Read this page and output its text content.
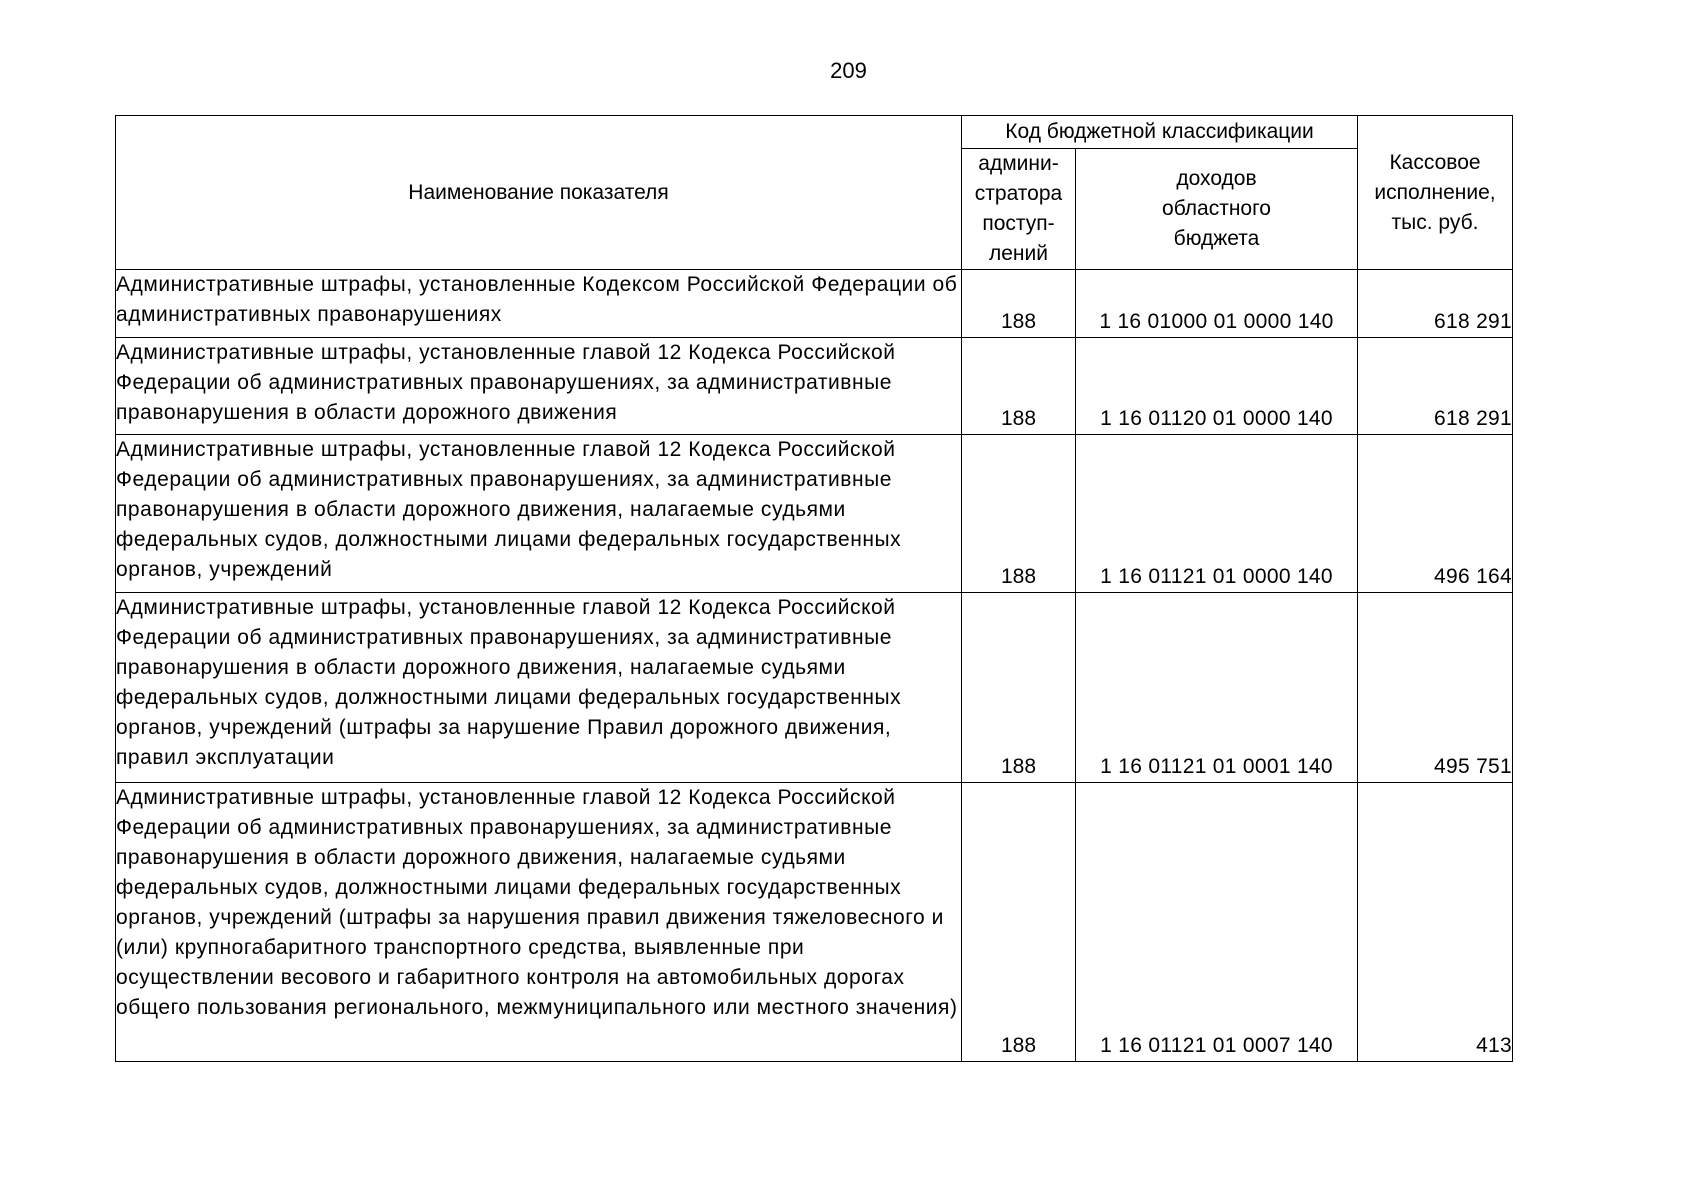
209
Наименование показателя	Код бюджетной классификации		Кассовое
исполнение,
тыс. руб.

	админи-
стратора
поступ-
лений	доходов
областного
бюджета	

Административные штрафы, установленные Кодексом Российской Федерации об административных правонарушениях	188	1 16 01000 01 0000 140	618 291
Административные штрафы, установленные главой 12 Кодекса Российской Федерации об административных правонарушениях, за административные правонарушения в области дорожного движения	188	1 16 01120 01 0000 140	618 291
Административные штрафы, установленные главой 12 Кодекса Российской Федерации об административных правонарушениях, за административные правонарушения в области дорожного движения, налагаемые судьями федеральных судов, должностными лицами федеральных государственных органов, учреждений	188	1 16 01121 01 0000 140	496 164
Административные штрафы, установленные главой 12 Кодекса Российской Федерации об административных правонарушениях, за административные правонарушения в области дорожного движения, налагаемые судьями федеральных судов, должностными лицами федеральных государственных органов, учреждений (штрафы за нарушение Правил дорожного движения, правил эксплуатации	188	1 16 01121 01 0001 140	495 751
Административные штрафы, установленные главой 12 Кодекса Российской Федерации об административных правонарушениях, за административные правонарушения в области дорожного движения, налагаемые судьями федеральных судов, должностными лицами федеральных государственных органов, учреждений (штрафы за нарушения правил движения тяжеловесного и (или) крупногабаритного транспортного средства, выявленные при осуществлении весового и габаритного контроля на автомобильных дорогах общего пользования регионального, межмуниципального или местного значения)	188	1 16 01121 01 0007 140	413
